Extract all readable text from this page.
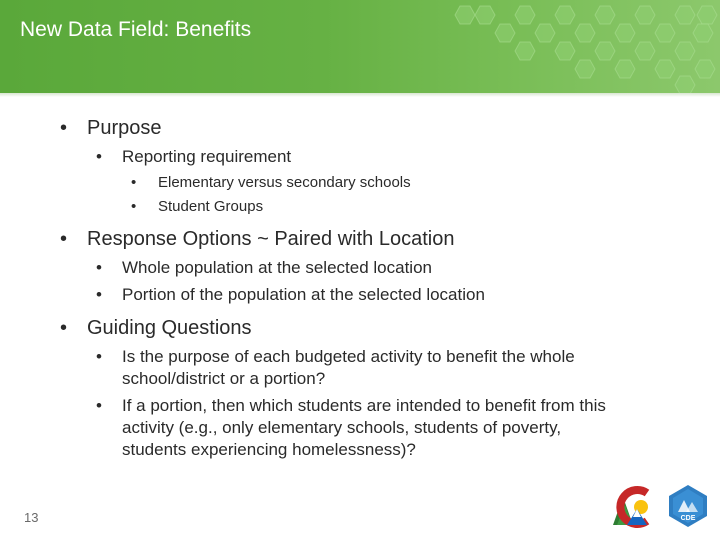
New Data Field: Benefits
• Purpose
• Reporting requirement
• Elementary versus secondary schools
• Student Groups
• Response Options ~ Paired with Location
• Whole population at the selected location
• Portion of the population at the selected location
• Guiding Questions
• Is the purpose of each budgeted activity to benefit the whole
school/district or a portion?
• If a portion, then which students are intended to benefit from this
activity (e.g., only elementary schools, students of poverty,
students experiencing homelessness)?
13	CDE
